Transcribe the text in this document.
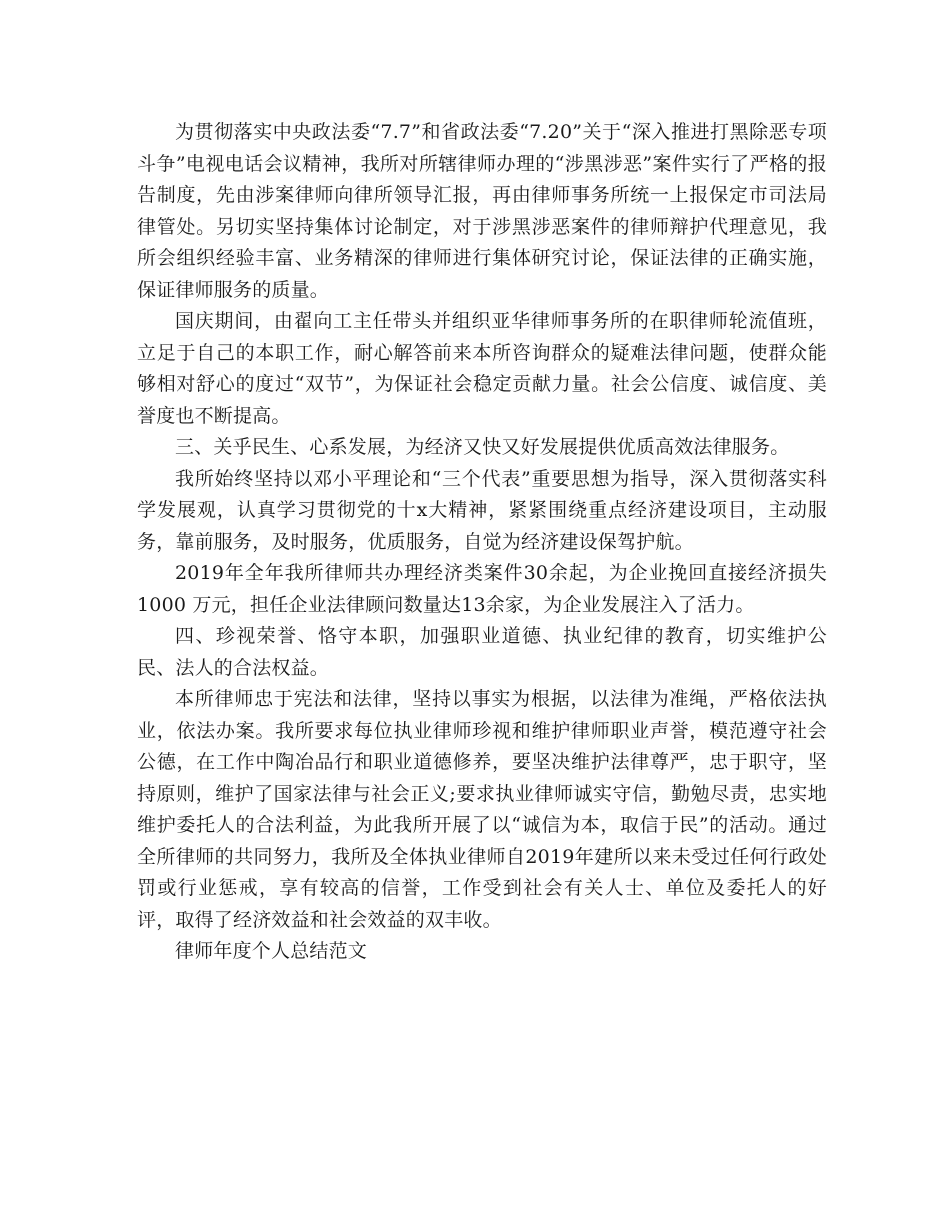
为贯彻落实中央政法委“7.7”和省政法委“7.20”关于“深入推进打黑除恶专项斗争”电视电话会议精神，我所对所辖律师办理的“涉黑涉恶”案件实行了严格的报告制度，先由涉案律师向律所领导汇报，再由律师事务所统一上报保定市司法局律管处。另切实坚持集体讨论制定，对于涉黑涉恶案件的律师辩护代理意见，我所会组织经验丰富、业务精深的律师进行集体研究讨论，保证法律的正确实施，保证律师服务的质量。

国庆期间，由翟向工主任带头并组织亚华律师事务所的在职律师轮流值班，立足于自己的本职工作，耐心解答前来本所咨询群众的疑难法律问题，使群众能够相对舒心的度过“双节”，为保证社会稳定贡献力量。社会公信度、诚信度、美誉度也不断提高。

三、关乎民生、心系发展，为经济又快又好发展提供优质高效法律服务。

我所始终坚持以邓小平理论和“三个代表”重要思想为指导，深入贯彻落实科学发展观，认真学习贯彻党的十x大精神，紧紧围绕重点经济建设项目，主动服务，靠前服务，及时服务，优质服务，自觉为经济建设保驾护航。

2019年全年我所律师共办理经济类案件30余起，为企业挽回直接经济损失1000 万元，担任企业法律顾问数量达13余家，为企业发展注入了活力。

四、珍视荣誉、恪守本职，加强职业道德、执业纪律的教育，切实维护公民、法人的合法权益。

本所律师忠于宪法和法律，坚持以事实为根据，以法律为准绳，严格依法执业，依法办案。我所要求每位执业律师珍视和维护律师职业声誉，模范遵守社会公德，在工作中陶冶品行和职业道德修养，要坚决维护法律尊严，忠于职守，坚持原则，维护了国家法律与社会正义;要求执业律师诚实守信，勤勉尽责，忠实地维护委托人的合法利益，为此我所开展了以“诚信为本，取信于民”的活动。通过全所律师的共同努力，我所及全体执业律师自2019年建所以来未受过任何行政处罚或行业惩戒，享有较高的信誉，工作受到社会有关人士、单位及委托人的好评，取得了经济效益和社会效益的双丰收。

律师年度个人总结范文
